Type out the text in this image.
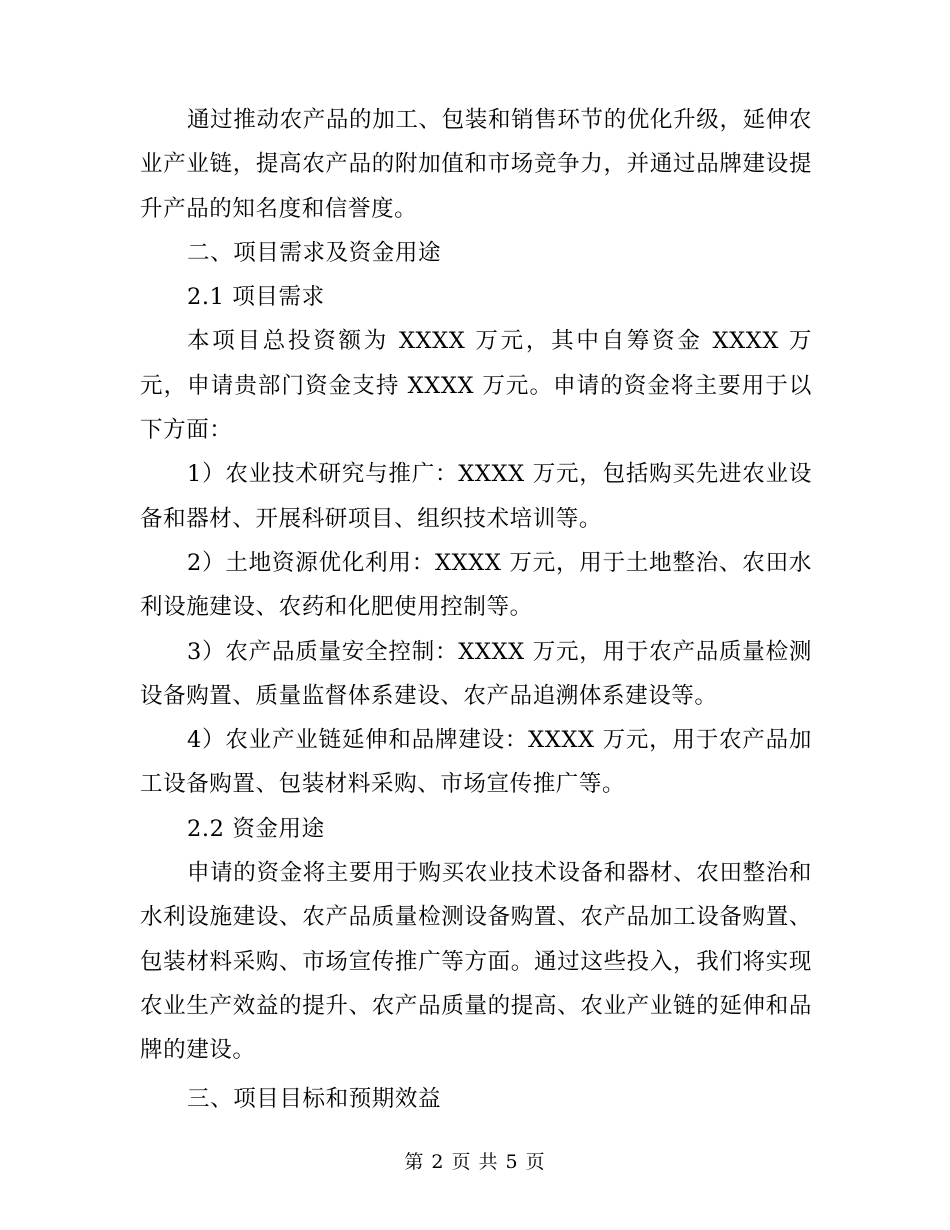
通过推动农产品的加工、包装和销售环节的优化升级，延伸农业产业链，提高农产品的附加值和市场竞争力，并通过品牌建设提升产品的知名度和信誉度。

二、项目需求及资金用途

2.1 项目需求

本项目总投资额为 XXXX 万元，其中自筹资金 XXXX 万元，申请贵部门资金支持 XXXX 万元。申请的资金将主要用于以下方面：

1）农业技术研究与推广：XXXX 万元，包括购买先进农业设备和器材、开展科研项目、组织技术培训等。

2）土地资源优化利用：XXXX 万元，用于土地整治、农田水利设施建设、农药和化肥使用控制等。

3）农产品质量安全控制：XXXX 万元，用于农产品质量检测设备购置、质量监督体系建设、农产品追溯体系建设等。

4）农业产业链延伸和品牌建设：XXXX 万元，用于农产品加工设备购置、包装材料采购、市场宣传推广等。

2.2 资金用途

申请的资金将主要用于购买农业技术设备和器材、农田整治和水利设施建设、农产品质量检测设备购置、农产品加工设备购置、包装材料采购、市场宣传推广等方面。通过这些投入，我们将实现农业生产效益的提升、农产品质量的提高、农业产业链的延伸和品牌的建设。

三、项目目标和预期效益

第 2 页 共 5 页
